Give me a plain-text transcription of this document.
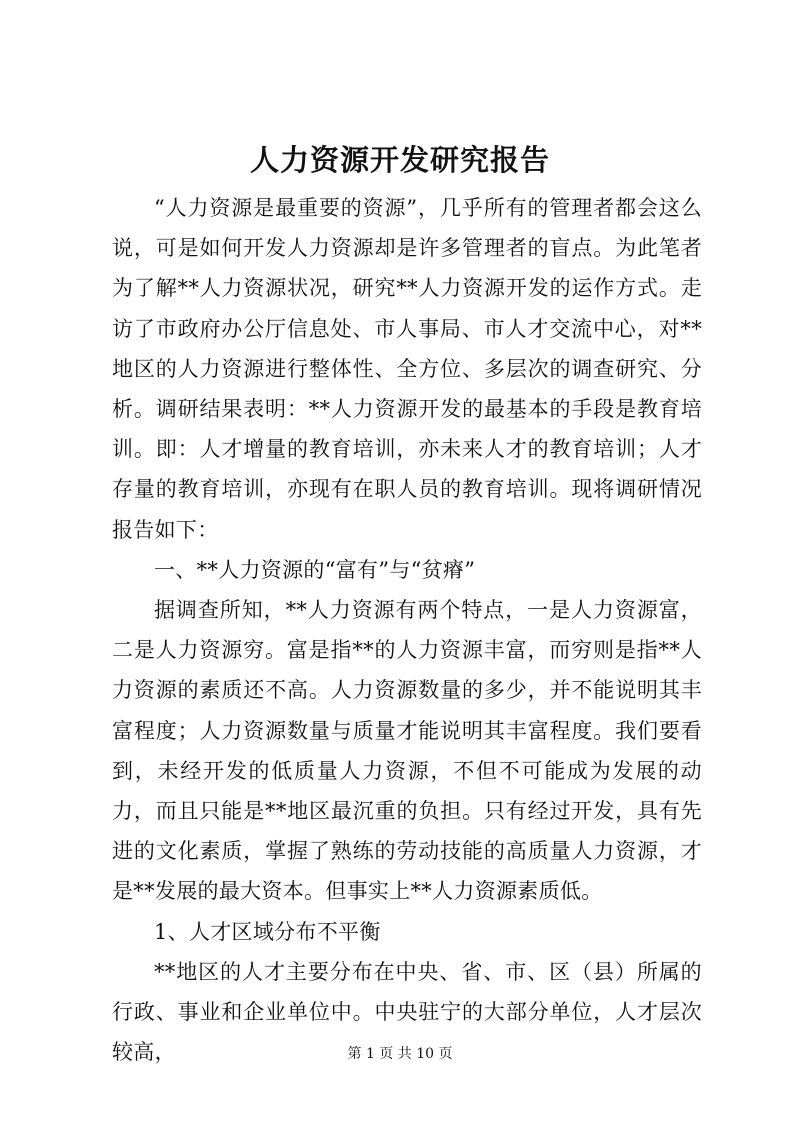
人力资源开发研究报告

“人力资源是最重要的资源”，几乎所有的管理者都会这么说，可是如何开发人力资源却是许多管理者的盲点。为此笔者为了解**人力资源状况，研究**人力资源开发的运作方式。走访了市政府办公厅信息处、市人事局、市人才交流中心，对**地区的人力资源进行整体性、全方位、多层次的调查研究、分析。调研结果表明：**人力资源开发的最基本的手段是教育培训。即：人才增量的教育培训，亦未来人才的教育培训；人才存量的教育培训，亦现有在职人员的教育培训。现将调研情况报告如下：

一、**人力资源的“富有”与“贫瘠”

据调查所知，**人力资源有两个特点，一是人力资源富，二是人力资源穷。富是指**的人力资源丰富，而穷则是指**人力资源的素质还不高。人力资源数量的多少，并不能说明其丰富程度；人力资源数量与质量才能说明其丰富程度。我们要看到，未经开发的低质量人力资源，不但不可能成为发展的动力，而且只能是**地区最沉重的负担。只有经过开发，具有先进的文化素质，掌握了熟练的劳动技能的高质量人力资源，才是**发展的最大资本。但事实上**人力资源素质低。

1、人才区域分布不平衡

**地区的人才主要分布在中央、省、市、区（县）所属的行政、事业和企业单位中。中央驻宁的大部分单位，人才层次较高，	第 1 页 共 10 页
